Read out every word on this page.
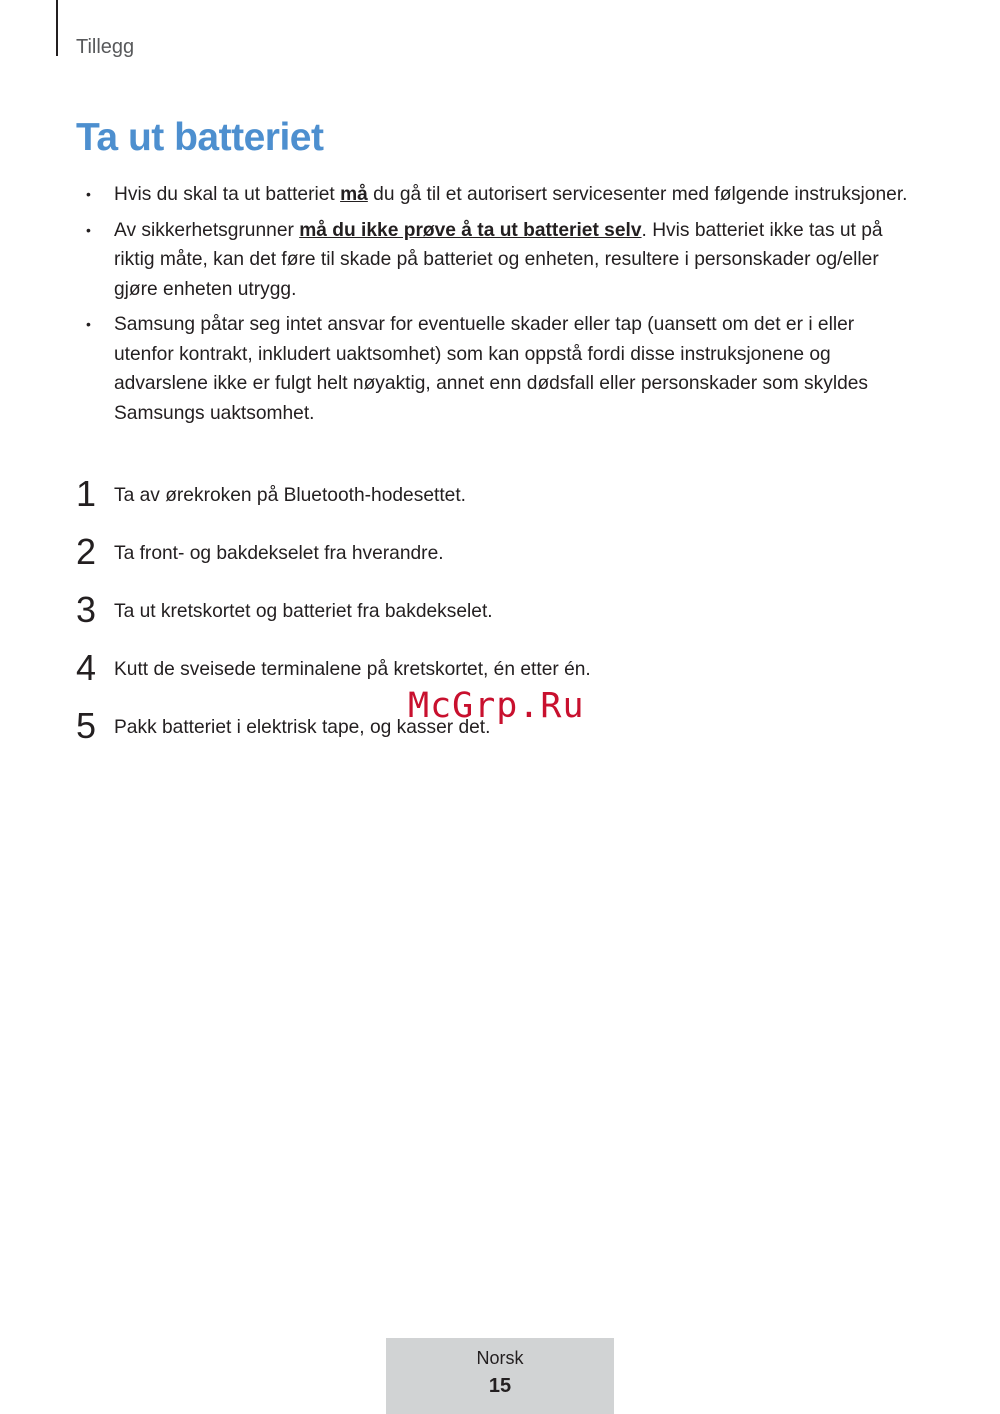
Tillegg
Ta ut batteriet
• Hvis du skal ta ut batteriet må du gå til et autorisert servicesenter med følgende instruksjoner.
• Av sikkerhetsgrunner må du ikke prøve å ta ut batteriet selv. Hvis batteriet ikke tas ut på riktig måte, kan det føre til skade på batteriet og enheten, resultere i personskader og/eller gjøre enheten utrygg.
• Samsung påtar seg intet ansvar for eventuelle skader eller tap (uansett om det er i eller utenfor kontrakt, inkludert uaktsomhet) som kan oppstå fordi disse instruksjonene og advarslene ikke er fulgt helt nøyaktig, annet enn dødsfall eller personskader som skyldes Samsungs uaktsomhet.
1 Ta av ørekroken på Bluetooth-hodesettet.
2 Ta front- og bakdekselet fra hverandre.
3 Ta ut kretskortet og batteriet fra bakdekselet.
4 Kutt de sveisede terminalene på kretskortet, én etter én.
5 Pakk batteriet i elektrisk tape, og kasser det.
McGrp.Ru
Norsk
15
